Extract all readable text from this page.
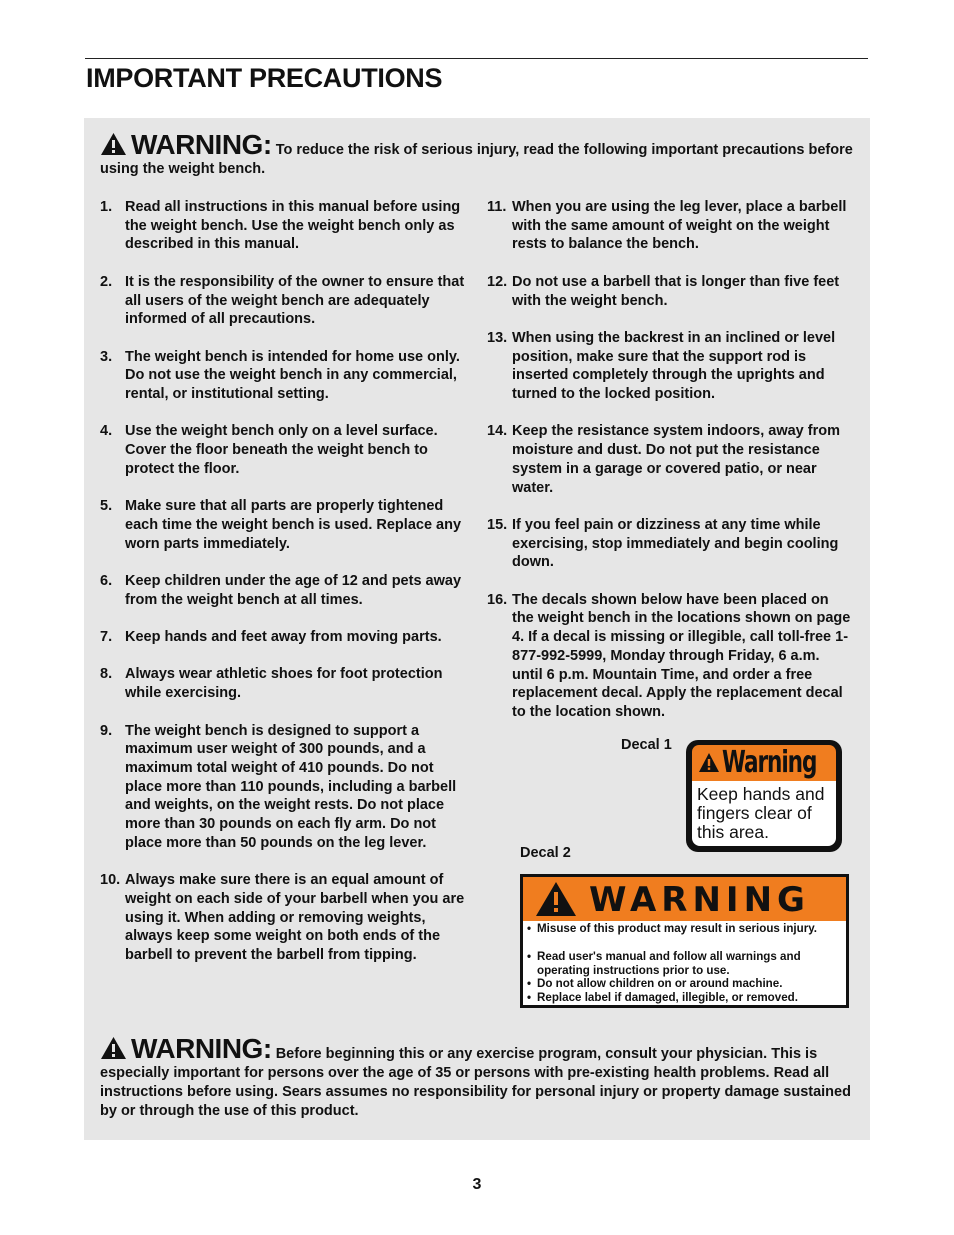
IMPORTANT PRECAUTIONS
WARNING: To reduce the risk of serious injury, read the following important precautions before using the weight bench.
1. Read all instructions in this manual before using the weight bench. Use the weight bench only as described in this manual.
2. It is the responsibility of the owner to ensure that all users of the weight bench are adequately informed of all precautions.
3. The weight bench is intended for home use only. Do not use the weight bench in any commercial, rental, or institutional setting.
4. Use the weight bench only on a level surface. Cover the floor beneath the weight bench to protect the floor.
5. Make sure that all parts are properly tightened each time the weight bench is used. Replace any worn parts immediately.
6. Keep children under the age of 12 and pets away from the weight bench at all times.
7. Keep hands and feet away from moving parts.
8. Always wear athletic shoes for foot protection while exercising.
9. The weight bench is designed to support a maximum user weight of 300 pounds, and a maximum total weight of 410 pounds. Do not place more than 110 pounds, including a barbell and weights, on the weight rests. Do not place more than 30 pounds on each fly arm. Do not place more than 50 pounds on the leg lever.
10. Always make sure there is an equal amount of weight on each side of your barbell when you are using it. When adding or removing weights, always keep some weight on both ends of the barbell to prevent the barbell from tipping.
11. When you are using the leg lever, place a barbell with the same amount of weight on the weight rests to balance the bench.
12. Do not use a barbell that is longer than five feet with the weight bench.
13. When using the backrest in an inclined or level position, make sure that the support rod is inserted completely through the uprights and turned to the locked position.
14. Keep the resistance system indoors, away from moisture and dust. Do not put the resistance system in a garage or covered patio, or near water.
15. If you feel pain or dizziness at any time while exercising, stop immediately and begin cooling down.
16. The decals shown below have been placed on the weight bench in the locations shown on page 4. If a decal is missing or illegible, call toll-free 1-877-992-5999, Monday through Friday, 6 a.m. until 6 p.m. Mountain Time, and order a free replacement decal. Apply the replacement decal to the location shown.
Decal 1 Warning
Keep hands and fingers clear of this area.
Decal 2
WARNING
• Misuse of this product may result in serious injury.
• Read user's manual and follow all warnings and operating instructions prior to use.
• Do not allow children on or around machine.
• Replace label if damaged, illegible, or removed.
WARNING: Before beginning this or any exercise program, consult your physician. This is especially important for persons over the age of 35 or persons with pre-existing health problems. Read all instructions before using. Sears assumes no responsibility for personal injury or property damage sustained by or through the use of this product.
3
